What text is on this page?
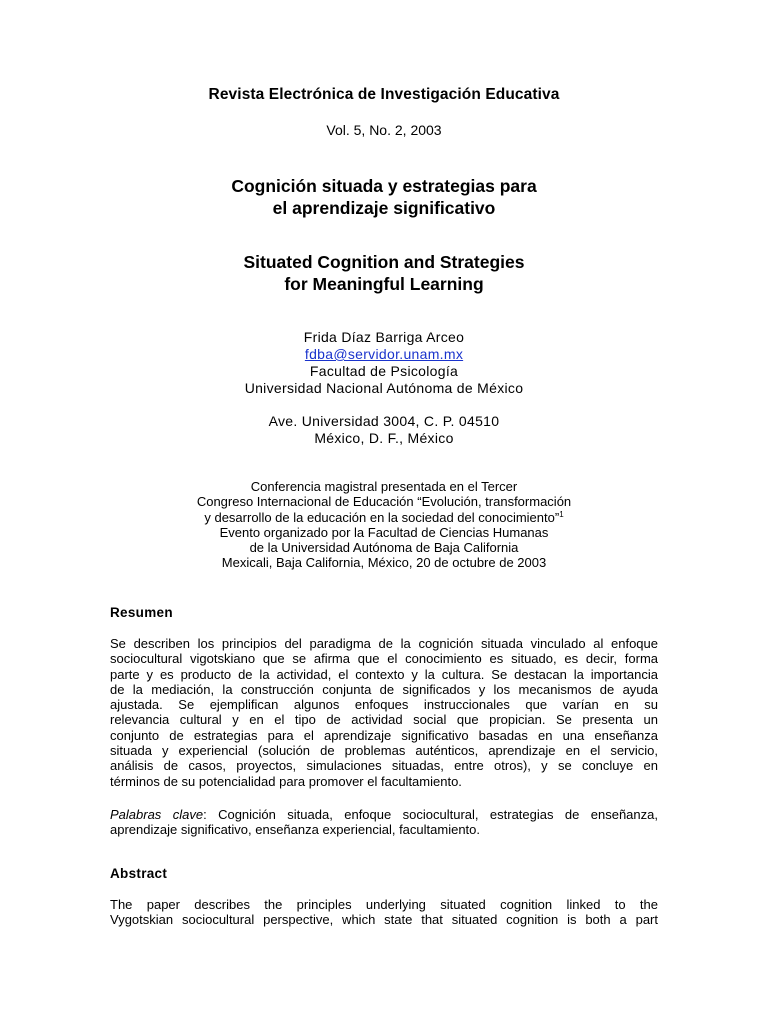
Revista Electrónica de Investigación Educativa
Vol. 5, No. 2, 2003
Cognición situada y estrategias para
el aprendizaje significativo
Situated Cognition and Strategies
for Meaningful Learning
Frida Díaz Barriga Arceo
fdba@servidor.unam.mx
Facultad de Psicología
Universidad Nacional Autónoma de México
Ave. Universidad 3004, C. P. 04510
México, D. F., México
Conferencia magistral presentada en el Tercer
Congreso Internacional de Educación “Evolución, transformación
y desarrollo de la educación en la sociedad del conocimiento”$^1$
Evento organizado por la Facultad de Ciencias Humanas
de la Universidad Autónoma de Baja California
Mexicali, Baja California, México, 20 de octubre de 2003
Resumen
Se describen los principios del paradigma de la cognición situada vinculado al enfoque
sociocultural vigotskiano que se afirma que el conocimiento es situado, es decir, forma
parte y es producto de la actividad, el contexto y la cultura. Se destacan la importancia
de la mediación, la construcción conjunta de significados y los mecanismos de ayuda
ajustada. Se ejemplifican algunos enfoques instruccionales que varían en su
relevancia cultural y en el tipo de actividad social que propician. Se presenta un
conjunto de estrategias para el aprendizaje significativo basadas en una enseñanza
situada y experiencial (solución de problemas auténticos, aprendizaje en el servicio,
análisis de casos, proyectos, simulaciones situadas, entre otros), y se concluye en
términos de su potencialidad para promover el facultamiento.
Palabras clave: Cognición situada, enfoque sociocultural, estrategias de enseñanza,
aprendizaje significativo, enseñanza experiencial, facultamiento.
Abstract
The paper describes the principles underlying situated cognition linked to the
Vygotskian sociocultural perspective, which state that situated cognition is both a part
